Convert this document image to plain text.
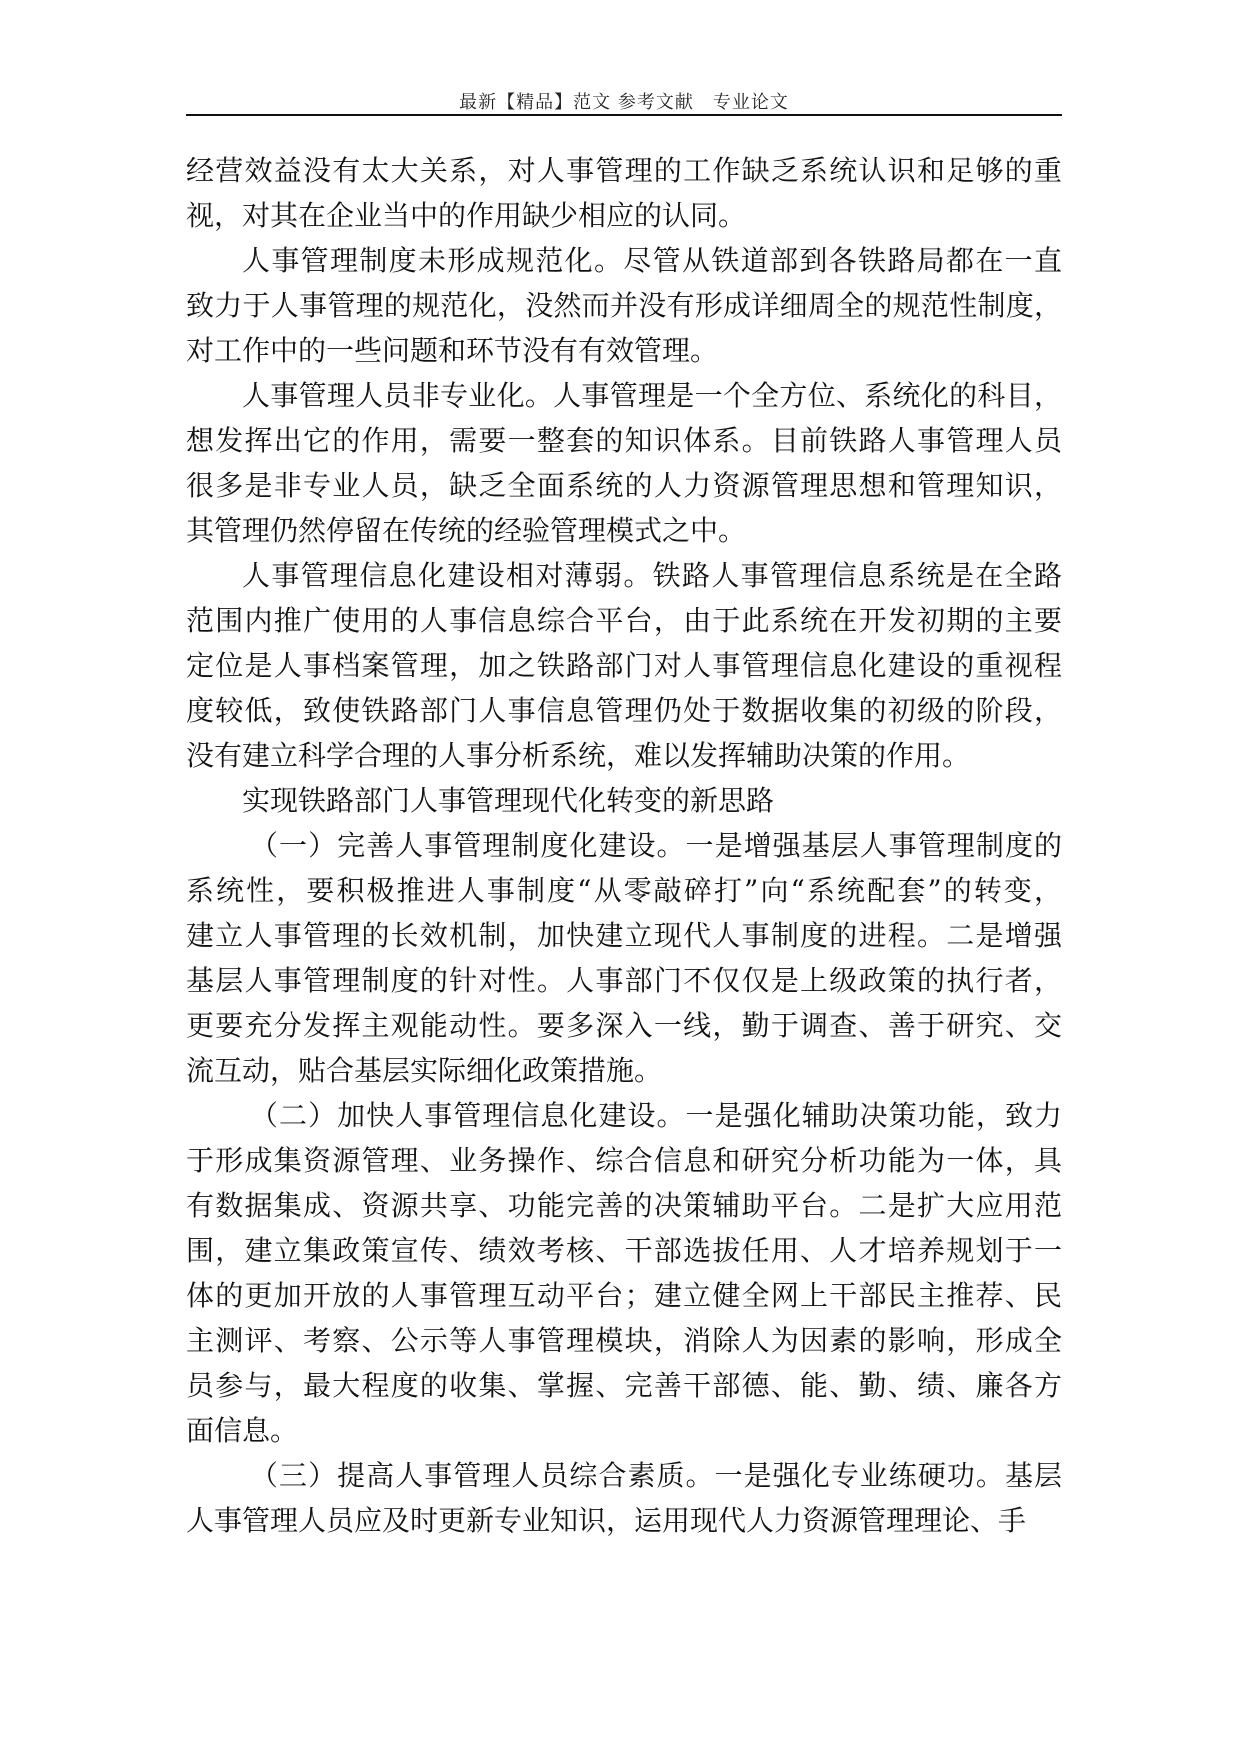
最新【精品】范文 参考文献　专业论文
经营效益没有太大关系，对人事管理的工作缺乏系统认识和足够的重
视，对其在企业当中的作用缺少相应的认同。
人事管理制度未形成规范化。尽管从铁道部到各铁路局都在一直
致力于人事管理的规范化，没然而并没有形成详细周全的规范性制度，
对工作中的一些问题和环节没有有效管理。
人事管理人员非专业化。人事管理是一个全方位、系统化的科目，
想发挥出它的作用，需要一整套的知识体系。目前铁路人事管理人员
很多是非专业人员，缺乏全面系统的人力资源管理思想和管理知识，
其管理仍然停留在传统的经验管理模式之中。
人事管理信息化建设相对薄弱。铁路人事管理信息系统是在全路
范围内推广使用的人事信息综合平台，由于此系统在开发初期的主要
定位是人事档案管理，加之铁路部门对人事管理信息化建设的重视程
度较低，致使铁路部门人事信息管理仍处于数据收集的初级的阶段，
没有建立科学合理的人事分析系统，难以发挥辅助决策的作用。
实现铁路部门人事管理现代化转变的新思路
（一）完善人事管理制度化建设。一是增强基层人事管理制度的
系统性，要积极推进人事制度“从零敲碎打”向“系统配套”的转变，
建立人事管理的长效机制，加快建立现代人事制度的进程。二是增强
基层人事管理制度的针对性。人事部门不仅仅是上级政策的执行者，
更要充分发挥主观能动性。要多深入一线，勤于调查、善于研究、交
流互动，贴合基层实际细化政策措施。
（二）加快人事管理信息化建设。一是强化辅助决策功能，致力
于形成集资源管理、业务操作、综合信息和研究分析功能为一体，具
有数据集成、资源共享、功能完善的决策辅助平台。二是扩大应用范
围，建立集政策宣传、绩效考核、干部选拔任用、人才培养规划于一
体的更加开放的人事管理互动平台；建立健全网上干部民主推荐、民
主测评、考察、公示等人事管理模块，消除人为因素的影响，形成全
员参与，最大程度的收集、掌握、完善干部德、能、勤、绩、廉各方
面信息。
（三）提高人事管理人员综合素质。一是强化专业练硬功。基层
人事管理人员应及时更新专业知识，运用现代人力资源管理理论、手
